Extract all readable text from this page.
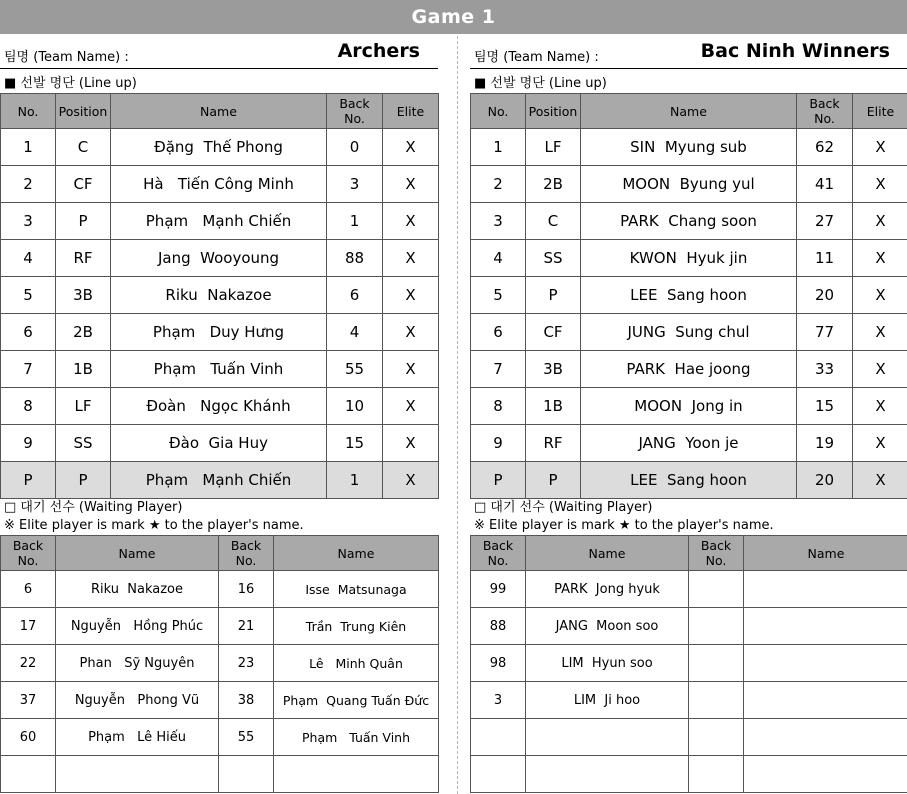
Game 1
팀명 (Team Name) :	Archers
■ 선발 명단 (Line up)
No.	Position	Name	Back No.	Elite
1	C	Đặng  Thế Phong	0	X
2	CF	Hà   Tiến Công Minh	3	X
3	P	Phạm   Mạnh Chiến	1	X
4	RF	Jang  Wooyoung	88	X
5	3B	Riku  Nakazoe	6	X
6	2B	Phạm   Duy Hưng	4	X
7	1B	Phạm   Tuấn Vinh	55	X
8	LF	Đoàn   Ngọc Khánh	10	X
9	SS	Đào  Gia Huy	15	X
P	P	Phạm   Mạnh Chiến	1	X
□ 대기 선수 (Waiting Player)
※ Elite player is mark ★ to the player's name.
Back No.	Name	Back No.	Name
6	Riku  Nakazoe	16	Isse  Matsunaga
17	Nguyễn   Hồng Phúc	21	Trần  Trung Kiên
22	Phan   Sỹ Nguyên	23	Lê   Minh Quân
37	Nguyễn   Phong Vũ	38	Phạm  Quang Tuấn Đức
60	Phạm   Lê Hiếu	55	Phạm   Tuấn Vinh

팀명 (Team Name) :	Bac Ninh Winners
■ 선발 명단 (Line up)
No.	Position	Name	Back No.	Elite
1	LF	SIN  Myung sub	62	X
2	2B	MOON  Byung yul	41	X
3	C	PARK  Chang soon	27	X
4	SS	KWON  Hyuk jin	11	X
5	P	LEE  Sang hoon	20	X
6	CF	JUNG  Sung chul	77	X
7	3B	PARK  Hae joong	33	X
8	1B	MOON  Jong in	15	X
9	RF	JANG  Yoon je	19	X
P	P	LEE  Sang hoon	20	X
□ 대기 선수 (Waiting Player)
※ Elite player is mark ★ to the player's name.
Back No.	Name	Back No.	Name
99	PARK  Jong hyuk		
88	JANG  Moon soo		
98	LIM  Hyun soo		
3	LIM  Ji hoo		
